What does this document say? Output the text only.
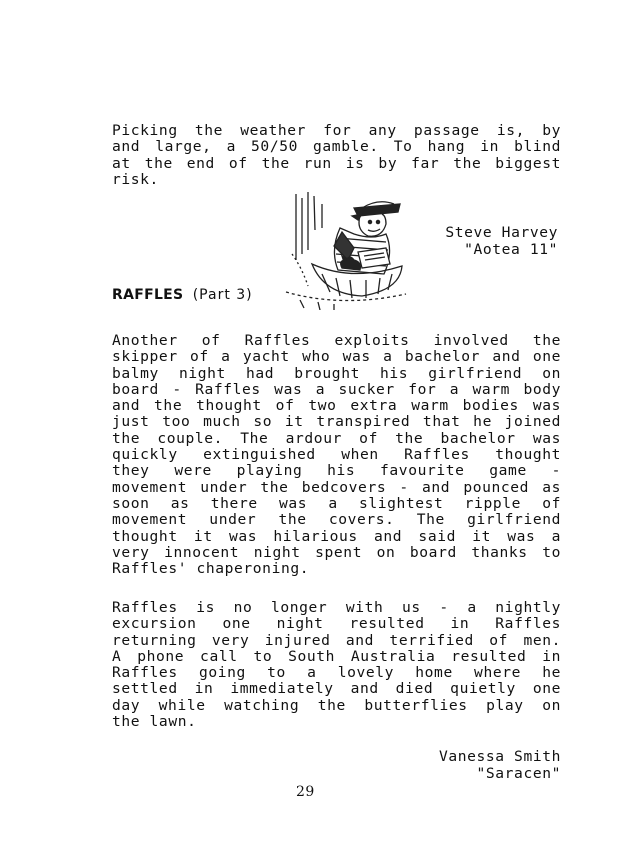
Picking the weather for any passage is, by
and large, a 50/50 gamble. To hang in blind
at the end of the run is by far the biggest
risk.

Steve Harvey
"Aotea 11"
RAFFLES (Part 3)

Another of Raffles exploits involved the
skipper of a yacht who was a bachelor and one
balmy night had brought his girlfriend on
board - Raffles was a sucker for a warm body
and the thought of two extra warm bodies was
just too much so it transpired that he joined
the couple. The ardour of the bachelor was
quickly extinguished when Raffles thought
they were playing his favourite game -
movement under the bedcovers - and pounced as
soon as there was a slightest ripple of
movement under the covers. The girlfriend
thought it was hilarious and said it was a
very innocent night spent on board thanks to
Raffles' chaperoning.

Raffles is no longer with us - a nightly
excursion one night resulted in Raffles
returning very injured and terrified of men.
A phone call to South Australia resulted in
Raffles going to a lovely home where he
settled in immediately and died quietly one
day while watching the butterflies play on
the lawn.

Vanessa Smith
"Saracen"
29
